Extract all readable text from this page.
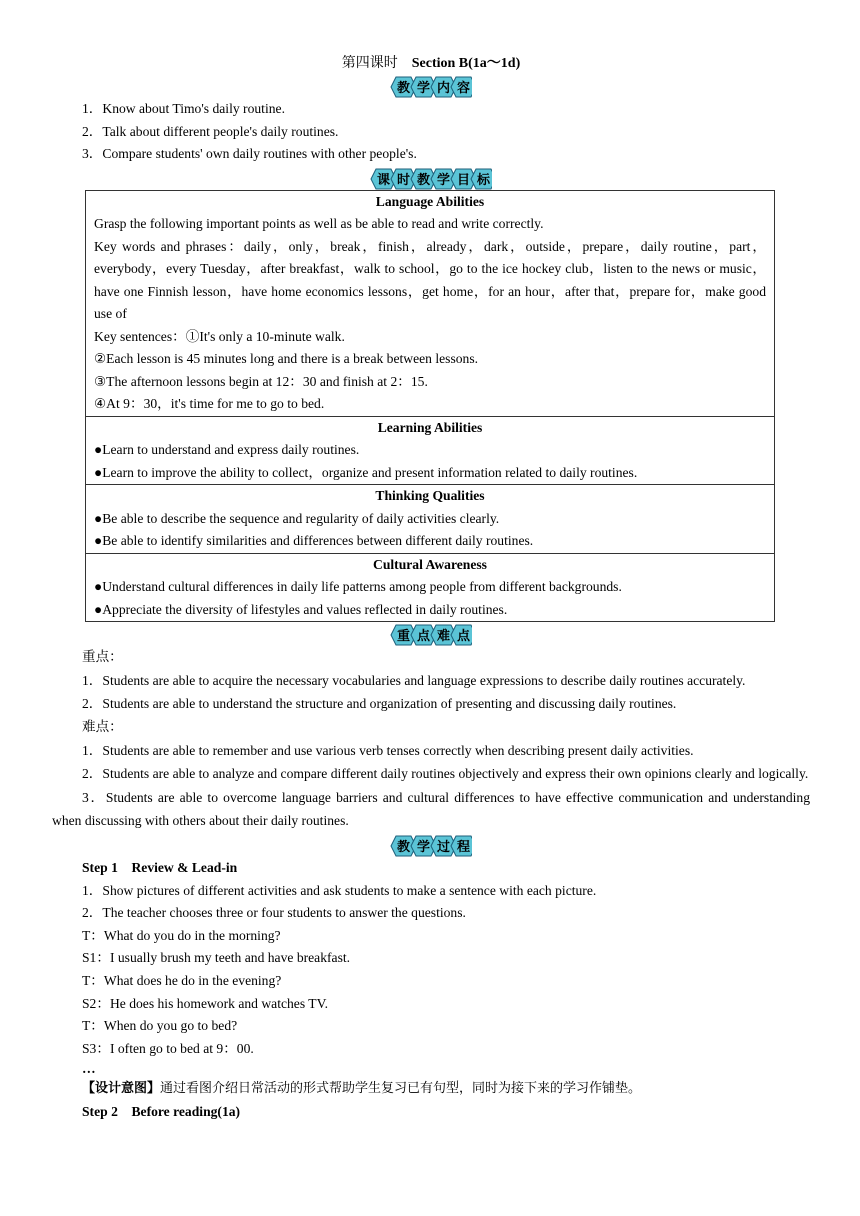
第四课时 Section B(1a～1d)
教 学 内 容
1．Know about Timo's daily routine.
2．Talk about different people's daily routines.
3．Compare students' own daily routines with other people's.
课 时 教 学 目 标
Language Abilities
Grasp the following important points as well as be able to read and write correctly.
Key words and phrases：daily，only，break，finish，already，dark，outside，prepare，daily routine，part，everybody，every Tuesday，after breakfast，walk to school，go to the ice hockey club，listen to the news or music，have one Finnish lesson，have home economics lessons，get home，for an hour，after that，prepare for，make good use of
Key sentences：①It's only a 10-minute walk.
②Each lesson is 45 minutes long and there is a break between lessons.
③The afternoon lessons begin at 12：30 and finish at 2：15.
④At 9：30，it's time for me to go to bed.

Learning Abilities
●Learn to understand and express daily routines.
●Learn to improve the ability to collect，organize and present information related to daily routines.

Thinking Qualities
●Be able to describe the sequence and regularity of daily activities clearly.
●Be able to identify similarities and differences between different daily routines.

Cultural Awareness
●Understand cultural differences in daily life patterns among people from different backgrounds.
●Appreciate the diversity of lifestyles and values reflected in daily routines.
重 点 难 点
重点：
1．Students are able to acquire the necessary vocabularies and language expressions to describe daily routines accurately.
2．Students are able to understand the structure and organization of presenting and discussing daily routines.
难点：
1．Students are able to remember and use various verb tenses correctly when describing present daily activities.
2．Students are able to analyze and compare different daily routines objectively and express their own opinions clearly and logically.
3．Students are able to overcome language barriers and cultural differences to have effective communication and understanding when discussing with others about their daily routines.
教 学 过 程
Step 1　Review & Lead-in
1．Show pictures of different activities and ask students to make a sentence with each picture.
2．The teacher chooses three or four students to answer the questions.
T：What do you do in the morning?
S1：I usually brush my teeth and have breakfast.
T：What does he do in the evening?
S2：He does his homework and watches TV.
T：When do you go to bed?
S3：I often go to bed at 9：00.
…
【设计意图】通过看图介绍日常活动的形式帮助学生复习已有句型，同时为接下来的学习作铺垫。
Step 2　Before reading(1a)
